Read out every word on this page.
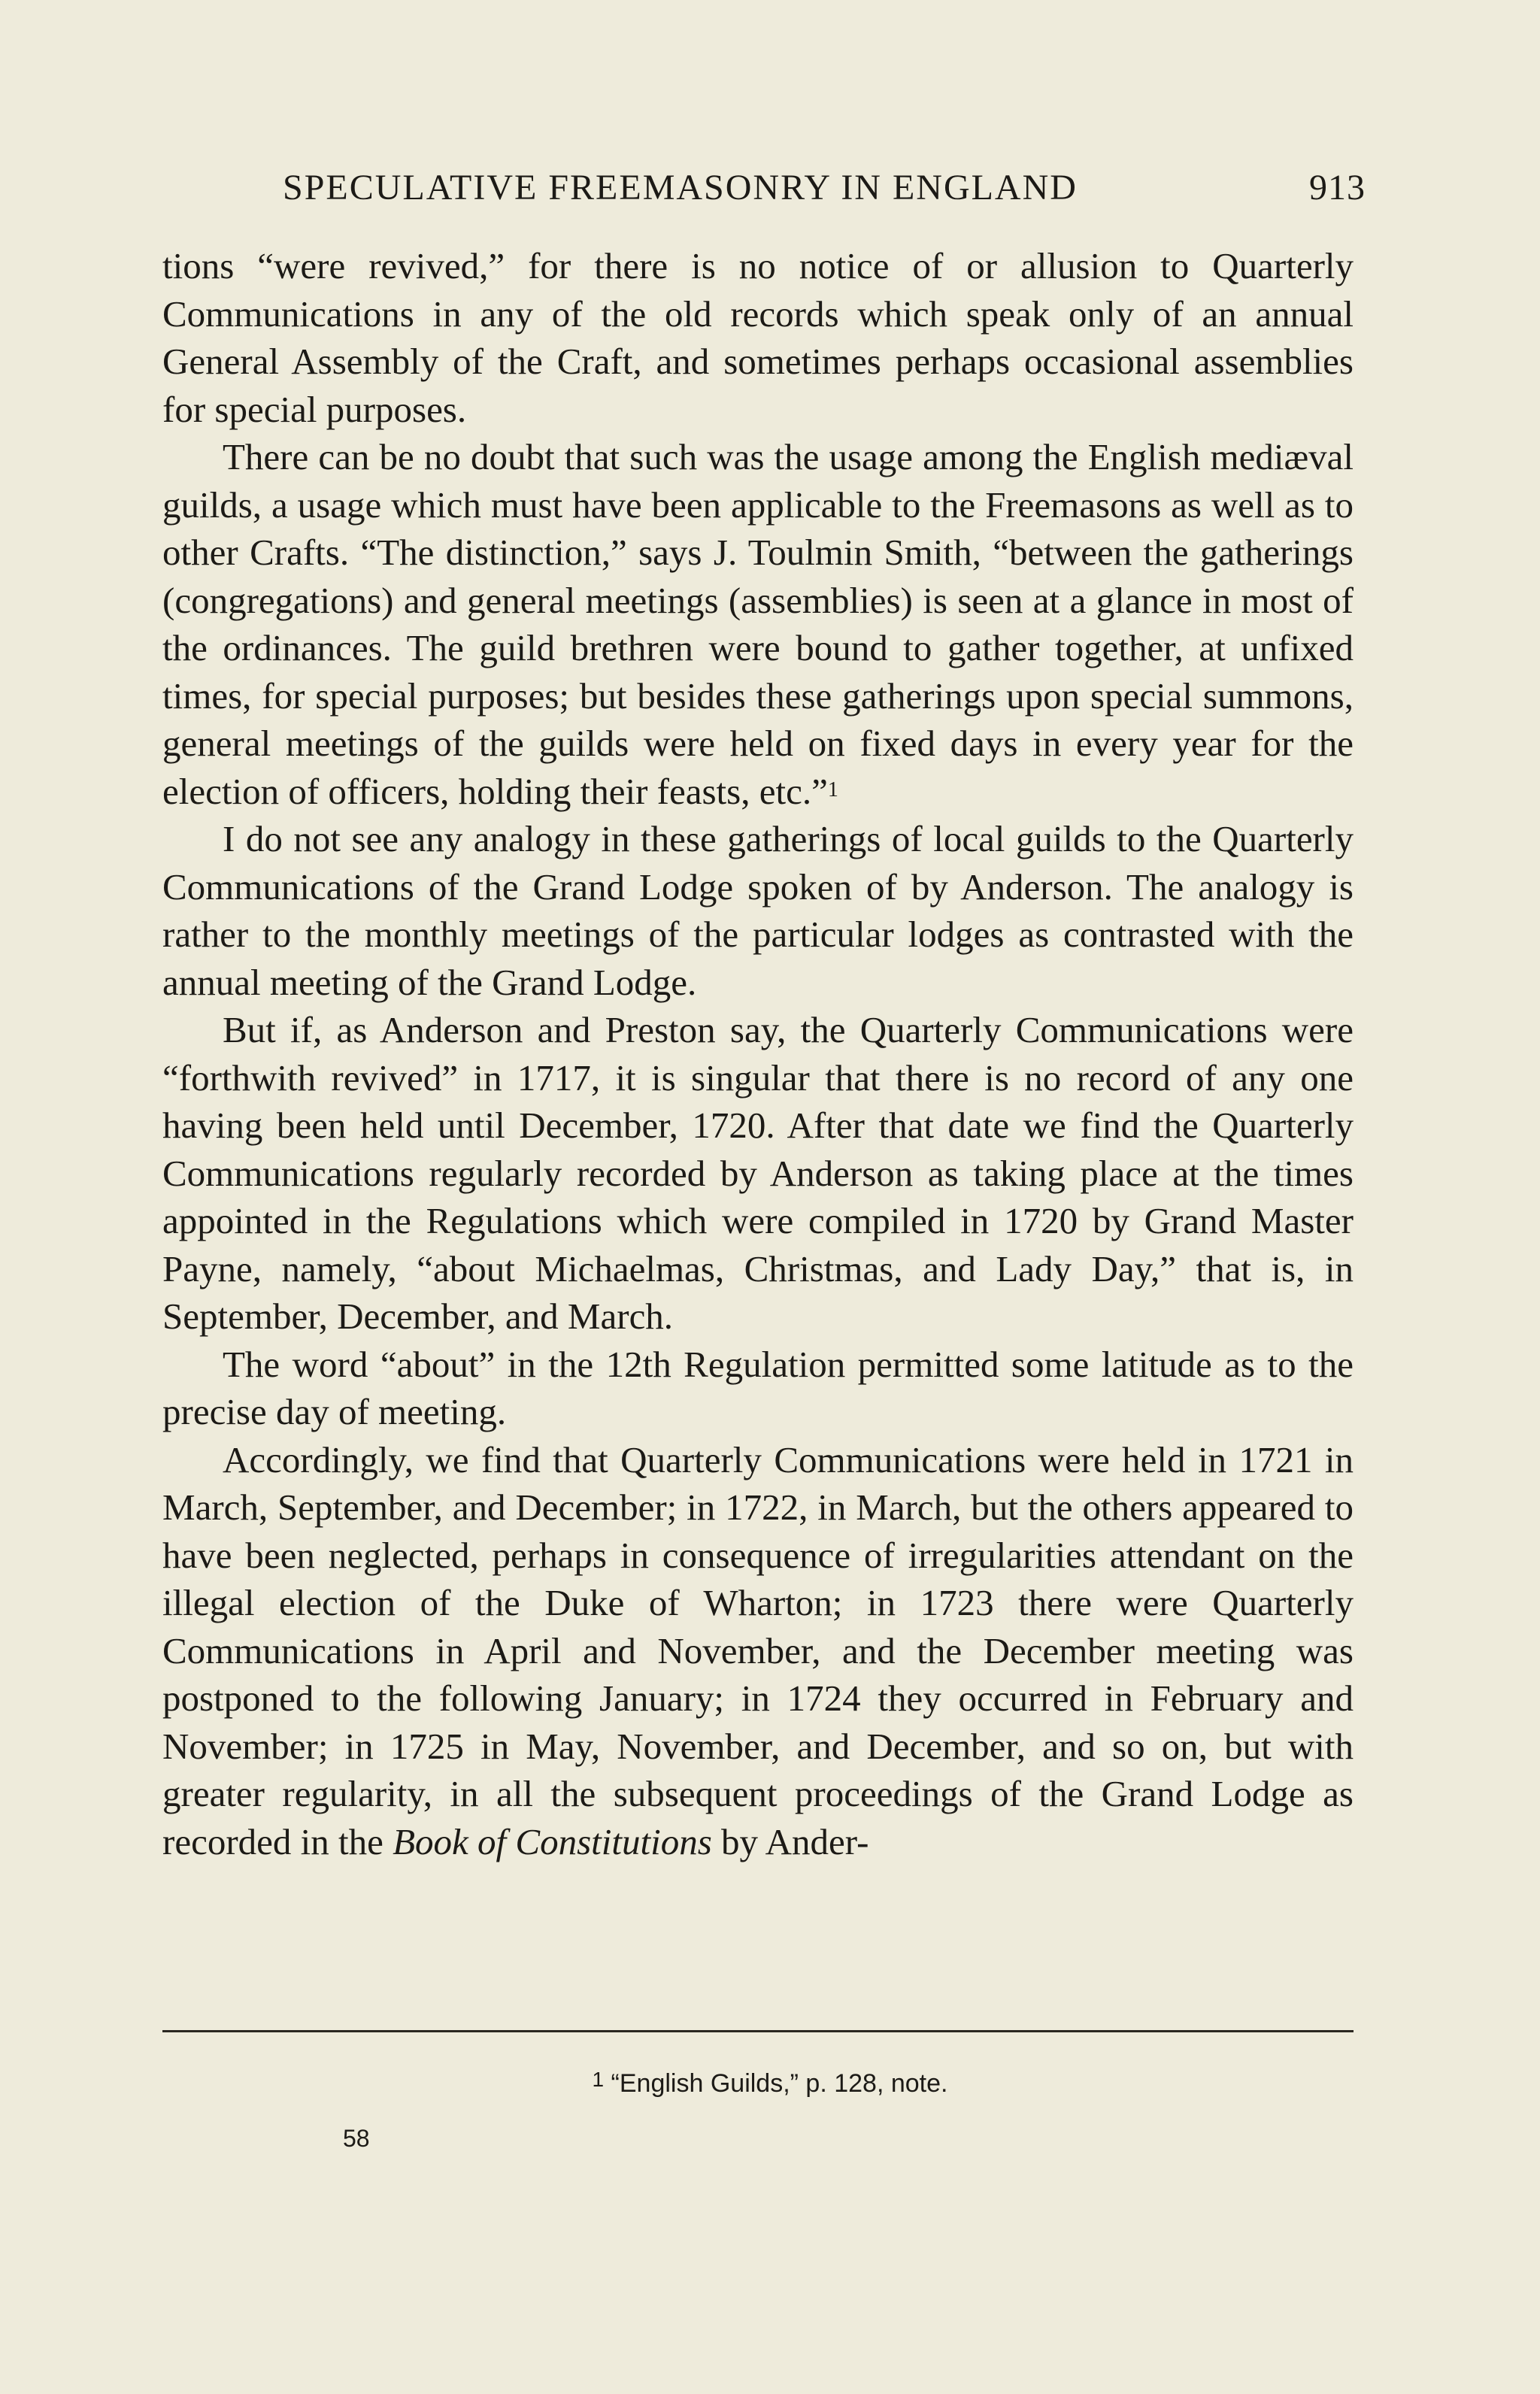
SPECULATIVE FREEMASONRY IN ENGLAND	913

tions “were revived,” for there is no notice of or allusion to Quarterly Communications in any of the old records which speak only of an annual General Assembly of the Craft, and sometimes perhaps occasional assemblies for special purposes.

There can be no doubt that such was the usage among the English mediæval guilds, a usage which must have been applicable to the Freemasons as well as to other Crafts. “The distinction,” says J. Toulmin Smith, “between the gatherings (congregations) and general meetings (assemblies) is seen at a glance in most of the ordinances. The guild brethren were bound to gather together, at unfixed times, for special purposes; but besides these gatherings upon special summons, general meetings of the guilds were held on fixed days in every year for the election of officers, holding their feasts, etc.”$^1$

I do not see any analogy in these gatherings of local guilds to the Quarterly Communications of the Grand Lodge spoken of by Anderson. The analogy is rather to the monthly meetings of the particular lodges as contrasted with the annual meeting of the Grand Lodge.

But if, as Anderson and Preston say, the Quarterly Communications were “forthwith revived” in 1717, it is singular that there is no record of any one having been held until December, 1720. After that date we find the Quarterly Communications regularly recorded by Anderson as taking place at the times appointed in the Regulations which were compiled in 1720 by Grand Master Payne, namely, “about Michaelmas, Christmas, and Lady Day,” that is, in September, December, and March.

The word “about” in the 12th Regulation permitted some latitude as to the precise day of meeting.

Accordingly, we find that Quarterly Communications were held in 1721 in March, September, and December; in 1722, in March, but the others appeared to have been neglected, perhaps in consequence of irregularities attendant on the illegal election of the Duke of Wharton; in 1723 there were Quarterly Communications in April and November, and the December meeting was postponed to the following January; in 1724 they occurred in February and November; in 1725 in May, November, and December, and so on, but with greater regularity, in all the subsequent proceedings of the Grand Lodge as recorded in the Book of Constitutions by Ander-

$^1$ “English Guilds,” p. 128, note.
58
